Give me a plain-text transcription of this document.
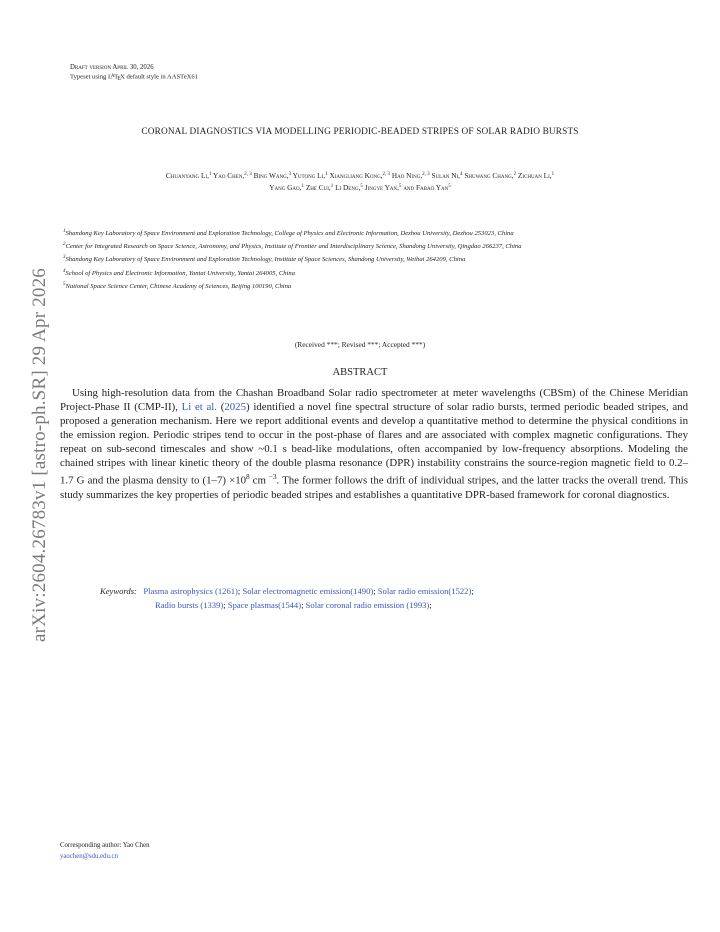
arXiv:2604.26783v1 [astro-ph.SR] 29 Apr 2026
Draft version April 30, 2026
Typeset using $L^ATEX$ default style in AASTeX61
CORONAL DIAGNOSTICS VIA MODELLING PERIODIC-BEADED STRIPES OF SOLAR RADIO BURSTS
Chuanyang Li,$^1$ Yao Chen,$^{2, 3}$ Bing Wang,$^3$ Yutong Li,$^1$ Xiangliang Kong,$^{2, 3}$ Hao Ning,$^{2, 3}$ Sulan Ni,$^4$ Shuwang Chang,$^2$ Zichuan Li,$^1$
Yang Gao,$^1$ Zhe Cui,$^1$ Li Deng,$^5$ Jingye Yan,$^5$ and Fabao Yan$^5$
$^1$Shandong Key Laboratory of Space Environment and Exploration Technology, College of Physics and Electronic Information, Dezhou University, Dezhou 253023, China
$^2$Center for Integrated Research on Space Science, Astronomy, and Physics, Institute of Frontier and Interdisciplinary Science, Shandong University, Qingdao 266237, China
$^3$Shandong Key Laboratory of Space Environment and Exploration Technology, Institute of Space Sciences, Shandong University, Weihai 264209, China
$^4$School of Physics and Electronic Information, Yantai University, Yantai 264005, China
$^5$National Space Science Center, Chinese Academy of Sciences, Beijing 100190, China
(Received ***; Revised ***; Accepted ***)
ABSTRACT

Using high-resolution data from the Chashan Broadband Solar radio spectrometer at meter wavelengths (CBSm) of the Chinese Meridian Project-Phase II (CMP-II), Li et al. (2025) identified a novel fine spectral structure of solar radio bursts, termed periodic beaded stripes, and proposed a generation mechanism. Here we report additional events and develop a quantitative method to determine the physical conditions in the emission region. Periodic stripes tend to occur in the post-phase of flares and are associated with complex magnetic configurations. They repeat on sub-second timescales and show ~0.1 s bead-like modulations, often accompanied by low-frequency absorptions. Modeling the chained stripes with linear kinetic theory of the double plasma resonance (DPR) instability constrains the source-region magnetic field to 0.2–1.7 G and the plasma density to $(1-7) \times 10^8$ cm $^{-3}$. The former follows the drift of individual stripes, and the latter tracks the overall trend. This study summarizes the key properties of periodic beaded stripes and establishes a quantitative DPR-based framework for coronal diagnostics.

Keywords: Plasma astrophysics (1261); Solar electromagnetic emission(1490); Solar radio emission(1522);
Radio bursts (1339); Space plasmas(1544); Solar coronal radio emission (1993);
Corresponding author: Yao Chen
yaochen@sdu.edu.cn
